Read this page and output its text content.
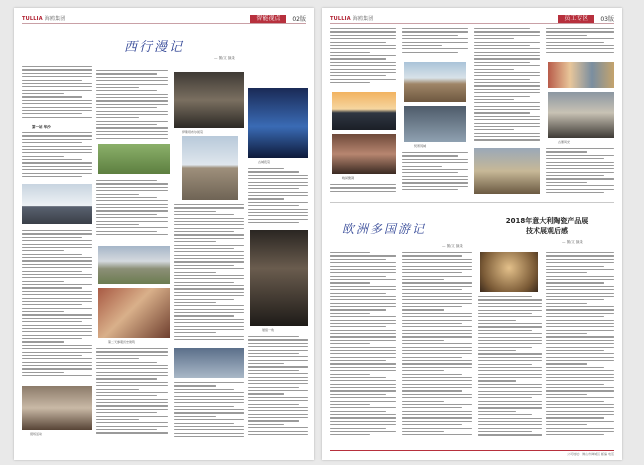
TULLIA 海鸥集团	智能视点	02版
西行漫记
— 图/文 摘录
第一站 华沙
现场活动
第二天参观历史建筑
伊斯坦布尔街景
古城夜景
展馆一角
TULLIA 海鸥集团	员工专区	03版
晚间聚餐
梵蒂冈城
古堡风光
欧洲多国游记
— 图/文 摘录
2018年意大利陶瓷产品展
技术展观后感
— 图/文 摘录
公司地址：佛山市禅城区 邮编 电话
